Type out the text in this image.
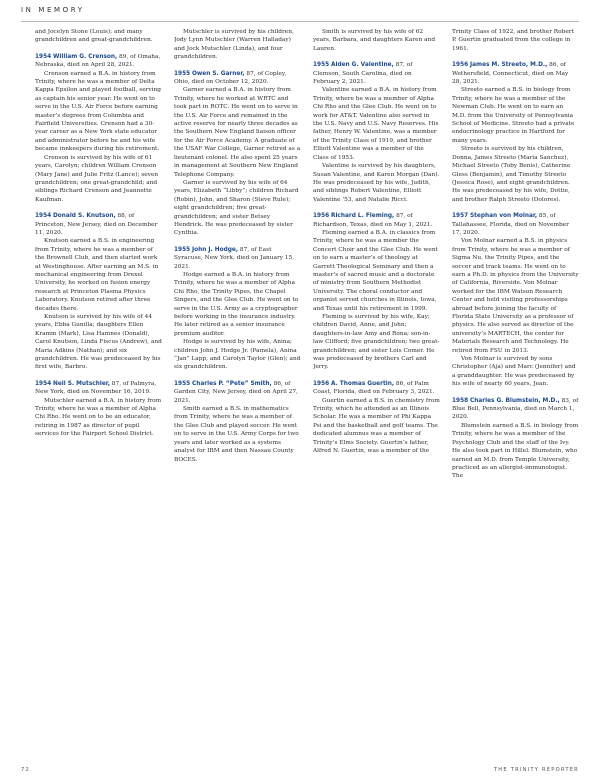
IN MEMORY

and Jocelyn Stone (Louis); and many grandchildren and great-grandchildren.

1954 William G. Crenson, 89, of Omaha, Nebraska, died on April 28, 2021.

Crenson earned a B.A. in history from Trinity, where he was a member of Delta Kappa Epsilon and played football, serving as captain his senior year. He went on to serve in the U.S. Air Force before earning master’s degrees from Columbia and Fairfield Universities. Crenson had a 30-year career as a New York state educator and administrator before he and his wife became innkeepers during his retirement.

Crenson is survived by his wife of 61 years, Carolyn; children William Crenson (Mary Jane) and Julie Fritz (Lance); seven grandchildren; one great-grandchild; and siblings Richard Crenson and Jeannette Kaufman.

1954 Donald S. Knutson, 88, of Princeton, New Jersey, died on December 11, 2020.

Knutson earned a B.S. in engineering from Trinity, where he was a member of the Brownell Club, and then started work at Westinghouse. After earning an M.S. in mechanical engineering from Drexel University, he worked on fusion energy research at Princeton Plasma Physics Laboratory. Knutson retired after three decades there.

Knutson is survived by his wife of 44 years, Ebba Gunilla; daughters Ellen Kramm (Mark), Lisa Hamnes (Donald), Carol Knutson, Linda Fiscus (Andrew), and Maria Adkins (Nathan); and six grandchildren. He was predeceased by his first wife, Barbro.

1954 Neil S. Mutschler, 87, of Palmyra, New York, died on November 16, 2019.

Mutschler earned a B.A. in history from Trinity, where he was a member of Alpha Chi Rho. He went on to be an educator, retiring in 1987 as director of pupil services for the Fairport School District.

Mutschler is survived by his children, Jody Lynn Mutschler (Warren Halladay) and Jock Mutschler (Linda), and four grandchildren.

1955 Owen S. Garner, 87, of Copley, Ohio, died on October 12, 2020.

Garner earned a B.A. in history from Trinity, where he worked at WRTC and took part in ROTC. He went on to serve in the U.S. Air Force and remained in the active reserve for nearly three decades as the Southern New England liaison officer for the Air Force Academy. A graduate of the USAF War College, Garner retired as a lieutenant colonel. He also spent 25 years in management at Southern New England Telephone Company.

Garner is survived by his wife of 64 years, Elizabeth “Libby”; children Richard (Robin), John, and Sharon (Steve Rule); eight grandchildren; five great-grandchildren; and sister Betsey Hendrick. He was predeceased by sister Cynthia.

1955 John J. Hodge, 87, of East Syracuse, New York, died on January 15, 2021.

Hodge earned a B.A. in history from Trinity, where he was a member of Alpha Chi Rho, the Trinity Pipes, the Chapel Singers, and the Glee Club. He went on to serve in the U.S. Army as a cryptographer before working in the insurance industry. He later retired as a senior insurance premium auditor.

Hodge is survived by his wife, Anina; children John J. Hodge Jr. (Pamela), Anina “Jan” Lapp, and Carolyn Taylor (Glen); and six grandchildren.

1955 Charles P. “Pete” Smith, 86, of Garden City, New Jersey, died on April 27, 2021.

Smith earned a B.S. in mathematics from Trinity, where he was a member of the Glee Club and played soccer. He went on to serve in the U.S. Army Corps for two years and later worked as a systems analyst for IBM and then Nassau County BOCES.

Smith is survived by his wife of 62 years, Barbara, and daughters Karen and Lauren.

1955 Alden G. Valentine, 87, of Clemson, South Carolina, died on February 2, 2021.

Valentine earned a B.A. in history from Trinity, where he was a member of Alpha Chi Rho and the Glee Club. He went on to work for AT&T. Valentine also served in the U.S. Navy and U.S. Navy Reserves. His father, Henry W. Valentine, was a member of the Trinity Class of 1919, and brother Elliott Valentine was a member of the Class of 1953.

Valentine is survived by his daughters, Susan Valentine, and Karen Morgan (Dan). He was predeceased by his wife, Judith, and siblings Robert Valentine, Elliott Valentine ’53, and Natalie Ricci.

1956 Richard L. Fleming, 87, of Richardson, Texas, died on May 1, 2021.

Fleming earned a B.A. in classics from Trinity, where he was a member the Concert Choir and the Glee Club. He went on to earn a master’s of theology at Garrett Theological Seminary and then a master’s of sacred music and a doctorate of ministry from Southern Methodist University. The choral conductor and organist served churches in Illinois, Iowa, and Texas until his retirement in 1999.

Fleming is survived by his wife, Kay; children David, Anne, and John; daughters-in-law Amy and Rona; son-in-law Clifford; five grandchildren; two great-grandchildren; and sister Lois Comer. He was predeceased by brothers Carl and Jerry.

1956 A. Thomas Guertin, 86, of Palm Coast, Florida, died on February 3, 2021.

Guertin earned a B.S. in chemistry from Trinity, which he attended as an Illinois Scholar. He was a member of Phi Kappa Psi and the basketball and golf teams. The dedicated alumnus was a member of Trinity’s Elms Society. Guertin’s father, Alfred N. Guertin, was a member of the

Trinity Class of 1922, and brother Robert P. Guertin graduated from the college in 1961.

1956 James M. Streeto, M.D., 86, of Wethersfield, Connecticut, died on May 28, 2021.

Streeto earned a B.S. in biology from Trinity, where he was a member of the Newman Club. He went on to earn an M.D. from the University of Pennsylvania School of Medicine. Streeto had a private endocrinology practice in Hartford for many years.

Streeto is survived by his children, Donna, James Streeto (Maria Sanchez), Michael Streeto (Toby Benis), Catherine Gless (Benjamin), and Timothy Streeto (Jessica Rose), and eight grandchildren. He was predeceased by his wife, Dottie, and brother Ralph Streeto (Dolores).

1957 Stephan von Molnar, 85, of Tallahassee, Florida, died on November 17, 2020.

Von Molnar earned a B.S. in physics from Trinity, where he was a member of Sigma Nu, the Trinity Pipes, and the soccer and track teams. He went on to earn a Ph.D. in physics from the University of California, Riverside. Von Molnar worked for the IBM Watson Research Center and held visiting professorships abroad before joining the faculty of Florida State University as a professor of physics. He also served as director of the university’s MARTECH, the center for Materials Research and Technology. He retired from FSU in 2013.

Von Molnar is survived by sons Christopher (Aja) and Marc (Jennifer) and a granddaughter. He was predeceased by his wife of nearly 60 years, Jean.

1958 Charles G. Blumstein, M.D., 83, of Blue Bell, Pennsylvania, died on March 1, 2020.

Blumstein earned a B.S. in biology from Trinity, where he was a member of the Psychology Club and the staff of the Ivy. He also took part in Hillel. Blumstein, who earned an M.D. from Temple University, practiced as an allergist-immunologist. The

72	THE TRINITY REPORTER
